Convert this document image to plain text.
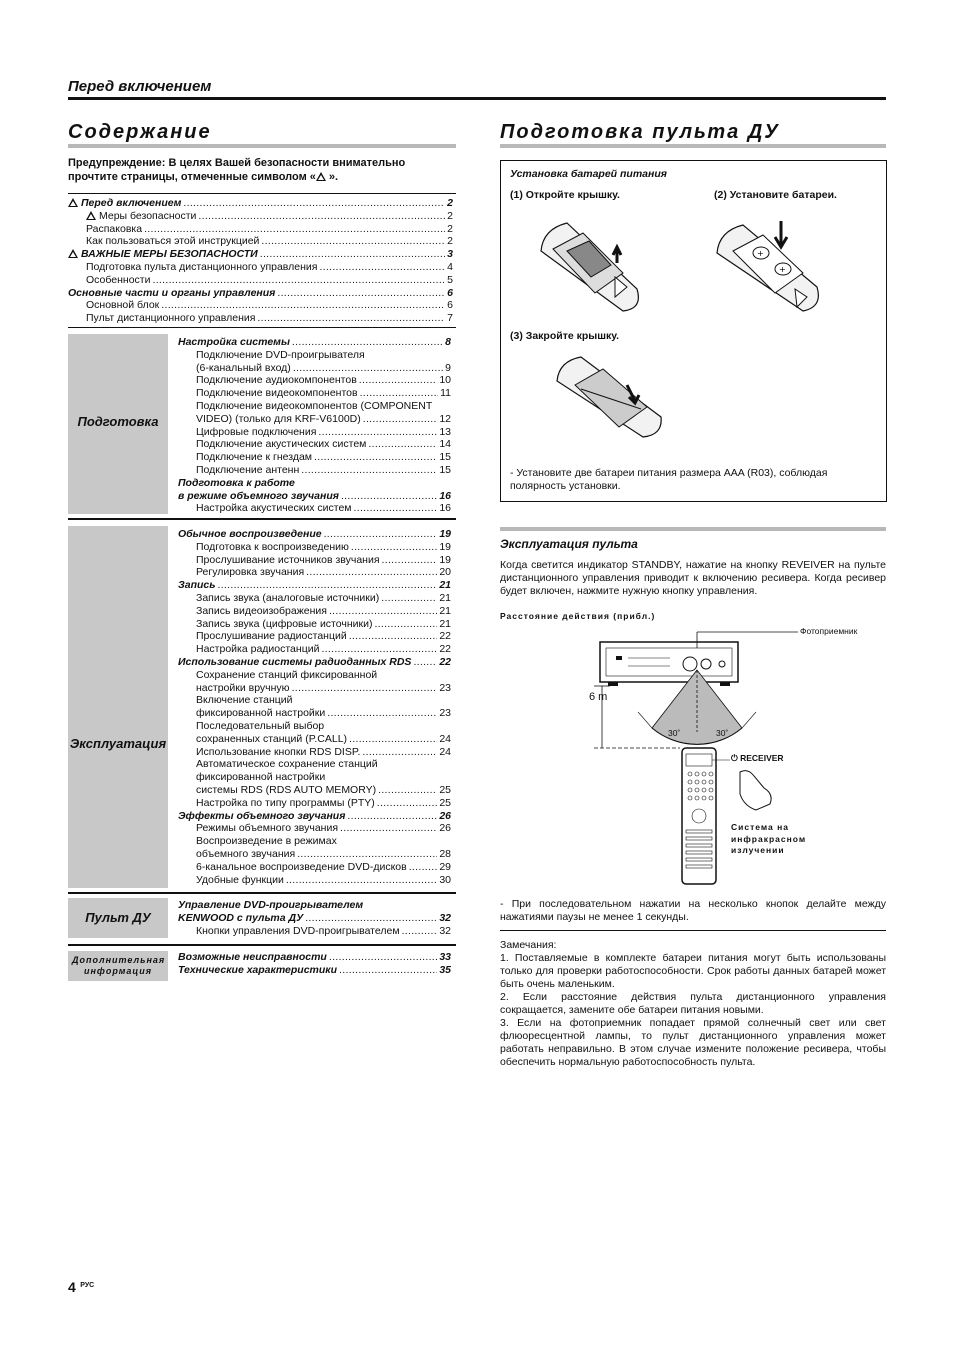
Перед включением
Содержание
Предупреждение: В целях Вашей безопасности внимательно прочтите страницы, отмеченные символом « ».
Перед включением .....	2
Меры безопасности .....	2
Распаковка .....	2
Как пользоваться этой инструкцией .....	2
ВАЖНЫЕ МЕРЫ БЕЗОПАСНОСТИ .....	3
Подготовка пульта дистанционного управления .....	4
Особенности .....	5
Основные части и органы управления .....	6
Основной блок .....	6
Пульт дистанционного управления .....	7
Подготовка
Настройка системы .....	8
Подключение DVD-проигрывателя
(6-канальный вход) .....	9
Подключение аудиокомпонентов .....	10
Подключение видеокомпонентов .....	11
Подключение видеокомпонентов (COMPONENT
VIDEO) (только для KRF-V6100D) .....	12
Цифровые подключения .....	13
Подключение акустических систем .....	14
Подключение к гнездам .....	15
Подключение антенн .....	15
Подготовка к работе
в режиме объемного звучания .....	16
Настройка акустических систем .....	16
Эксплуатация
Обычное воспроизведение .....	19
Подготовка к воспроизведению .....	19
Прослушивание источников звучания .....	19
Регулировка звучания .....	20
Запись .....	21
Запись звука (аналоговые источники) .....	21
Запись видеоизображения .....	21
Запись звука (цифровые источники) .....	21
Прослушивание радиостанций .....	22
Настройка радиостанций .....	22
Использование системы радиоданных RDS .....	22
Сохранение станций фиксированной
настройки вручную .....	23
Включение станций
фиксированной настройки .....	23
Последовательный выбор
сохраненных станций (P.CALL) .....	24
Использование кнопки RDS DISP. .....	24
Автоматическое сохранение станций
фиксированной настройки
системы RDS (RDS AUTO MEMORY) .....	25
Настройка по типу программы (PTY) .....	25
Эффекты объемного звучания .....	26
Режимы объемного звучания .....	26
Воспроизведение в режимах
объемного звучания .....	28
6-канальное воспроизведение DVD-дисков .....	29
Удобные функции .....	30
Пульт ДУ
Управление DVD-проигрывателем
KENWOOD с пульта ДУ .....	32
Кнопки управления DVD-проигрывателем .....	32
Дополнительная информация
Возможные неисправности .....	33
Технические характеристики .....	35
Подготовка пульта ДУ
Установка батарей питания
(1) Откройте крышку.	(2) Установите батареи.
(3) Закройте крышку.
+
+
- Установите две батареи питания размера AAA (R03), соблюдая полярность установки.
Эксплуатация пульта
Когда светится индикатор STANDBY, нажатие на кнопку REVEIVER на пульте дистанционного управления приводит к включению ресивера. Когда ресивер будет включен, нажмите нужную кнопку управления.
Расстояние действия (прибл.)
Фотоприемник
6 m
30˚	30˚
⏻ RECEIVER
Система на инфракрасном излучении
- При последовательном нажатии на несколько кнопок делайте между нажатиями паузы не менее 1 секунды.
Замечания:
1. Поставляемые в комплекте батареи питания могут быть использованы только для проверки работоспособности. Срок работы данных батарей может быть очень маленьким.
2. Если расстояние действия пульта дистанционного управления сокращается, замените обе батареи питания новыми.
3. Если на фотоприемник попадает прямой солнечный свет или свет флюоресцентной лампы, то пульт дистанционного управления может работать неправильно. В этом случае измените положение ресивера, чтобы обеспечить нормальную работоспособность пульта.
4 $^{РУС}$
